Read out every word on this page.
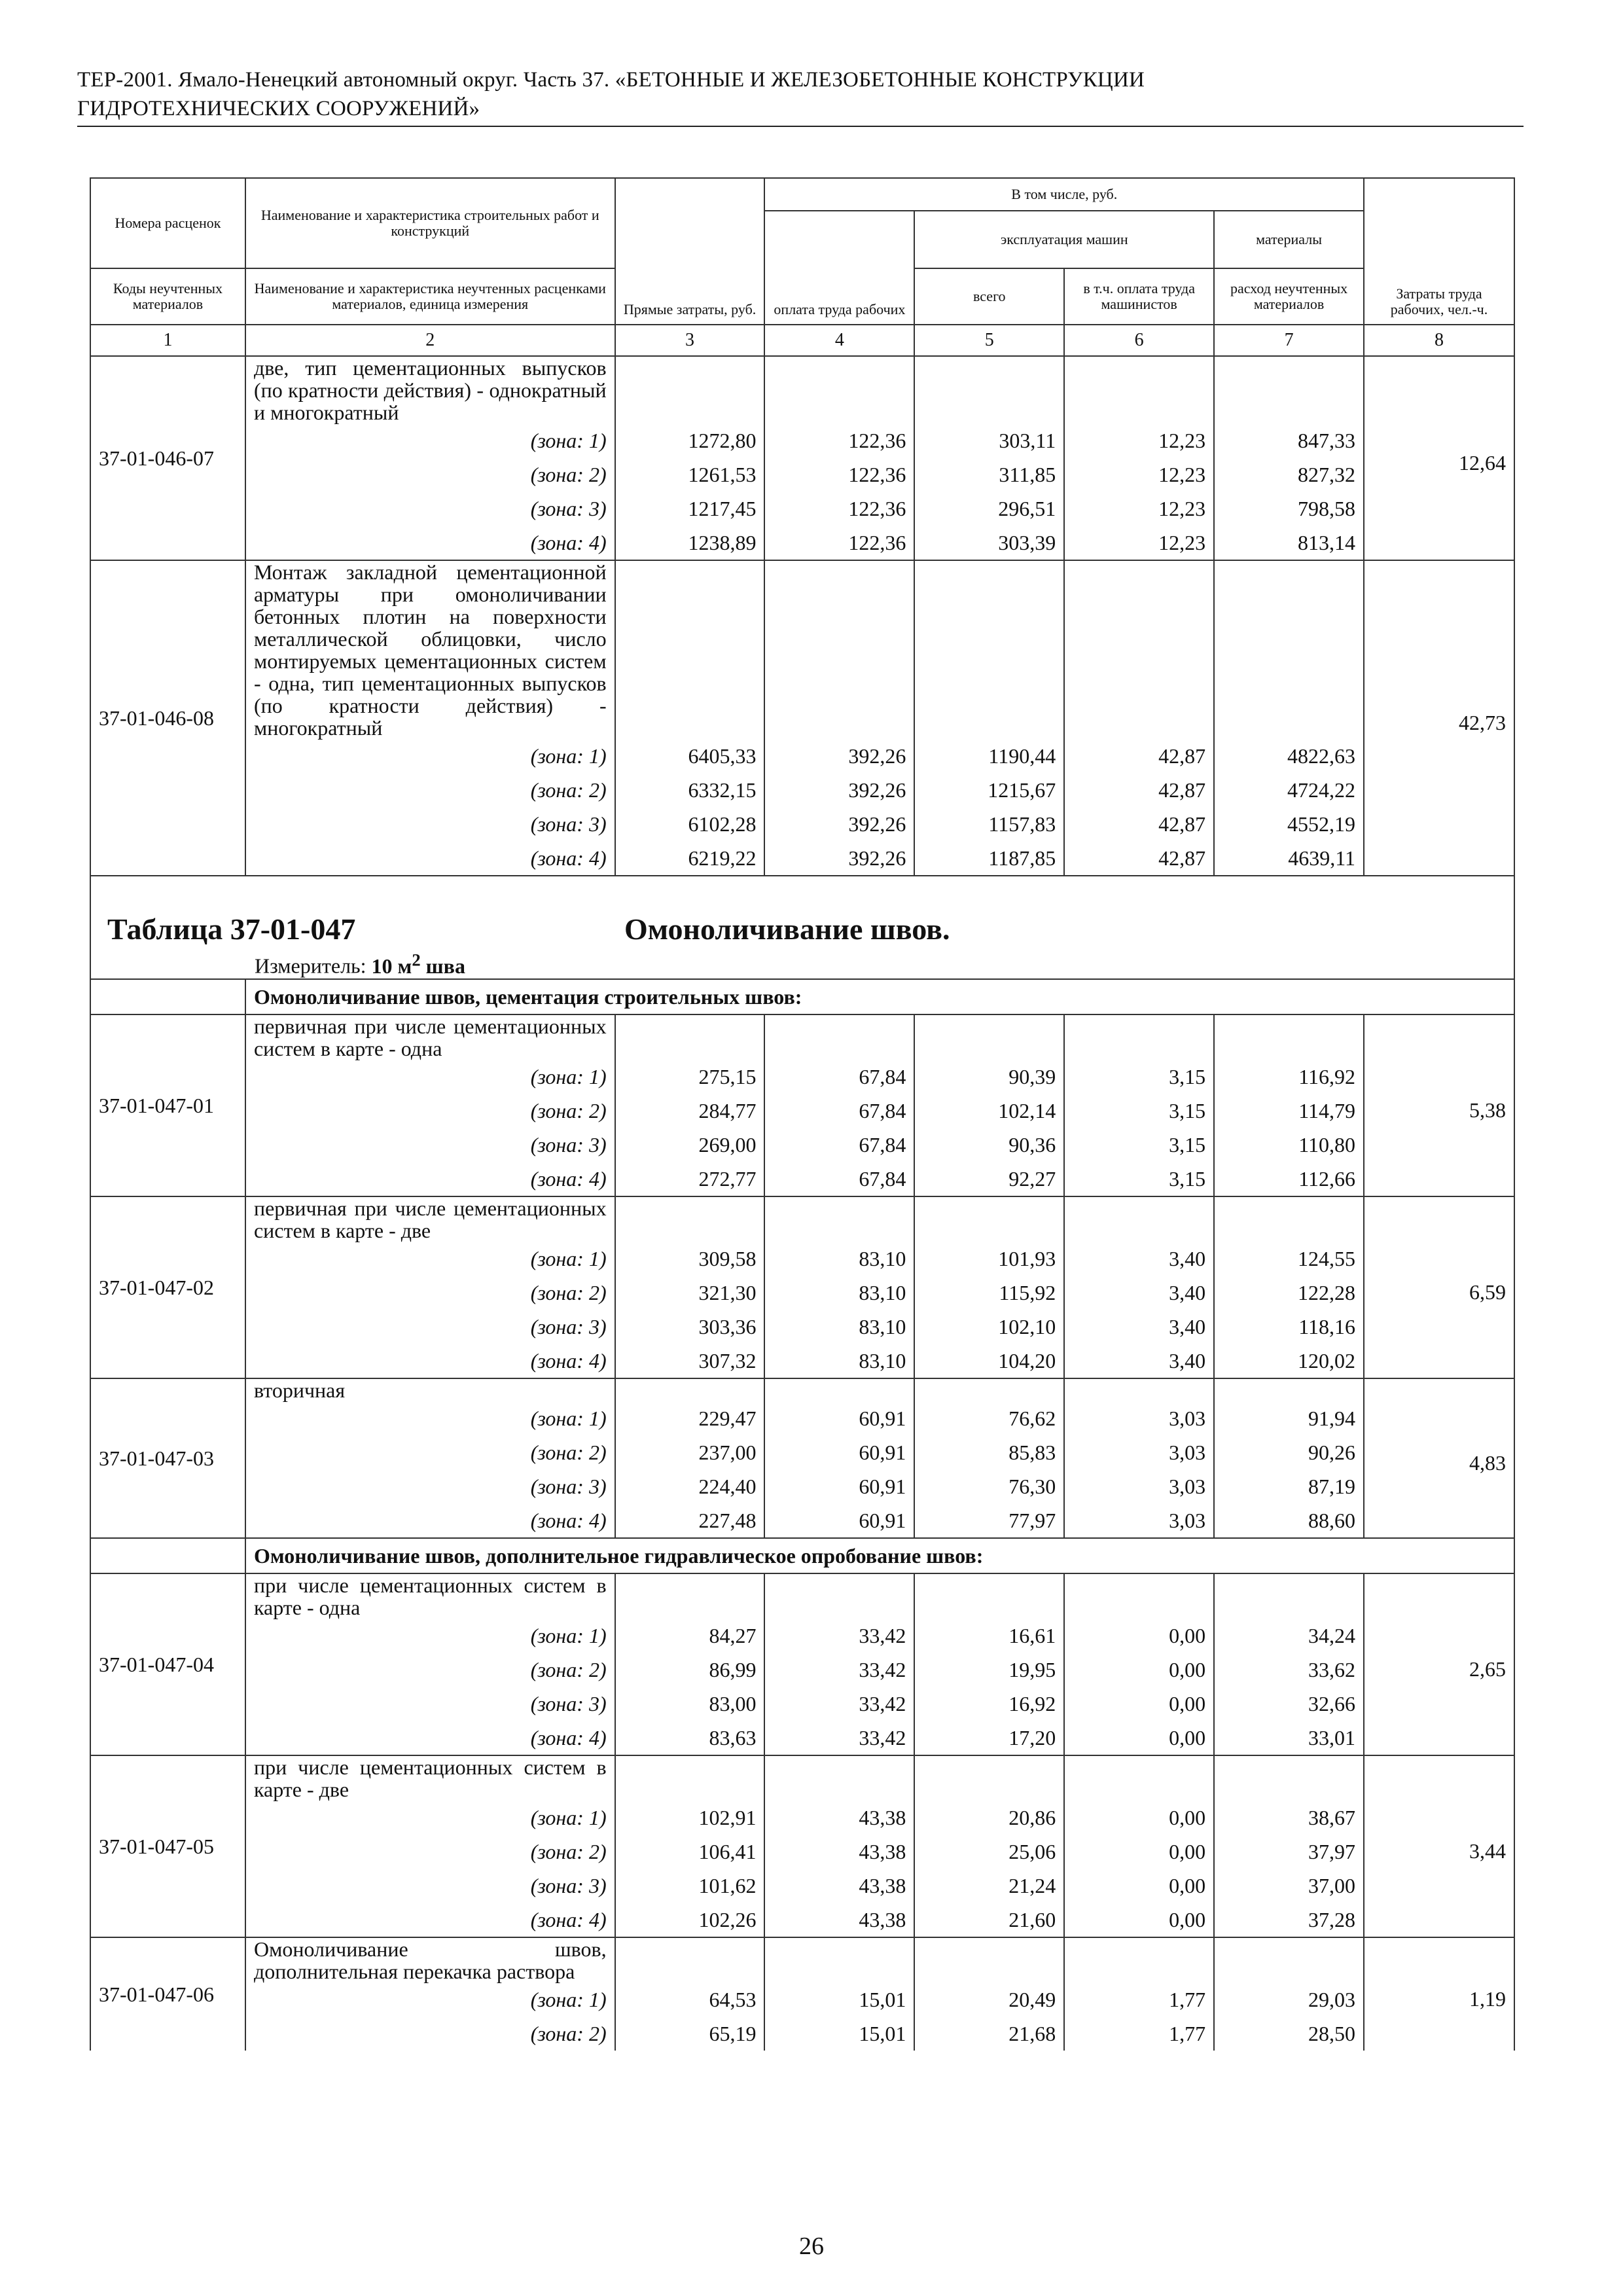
ТЕР-2001. Ямало-Ненецкий автономный округ. Часть 37. «БЕТОННЫЕ И ЖЕЛЕЗОБЕТОННЫЕ КОНСТРУКЦИИ
ГИДРОТЕХНИЧЕСКИХ СООРУЖЕНИЙ»
Номера расценок	Наименование и характеристика строительных работ и конструкций	Прямые затраты, руб.	В том числе, руб.				Затраты труда рабочих, чел.-ч.
			оплата труда рабочих	эксплуатация машин		материалы	
Коды неучтенных материалов	Наименование и характеристика неучтенных расценками материалов, единица измерения			всего	в т.ч. оплата труда машинистов	расход неучтенных материалов	
1	2	3	4	5	6	7	8
37-01-046-07	две, тип цементационных выпусков (по кратности действия) - однократный и многократный						12,64
	(зона: 1)	1272,80	122,36	303,11	12,23	847,33	
	(зона: 2)	1261,53	122,36	311,85	12,23	827,32	
	(зона: 3)	1217,45	122,36	296,51	12,23	798,58	
	(зона: 4)	1238,89	122,36	303,39	12,23	813,14	
37-01-046-08	Монтаж закладной цементационной арматуры при омоноличивании бетонных плотин на поверхности металлической облицовки, число монтируемых цементационных систем - одна, тип цементационных выпусков (по кратности действия) - многократный						42,73
	(зона: 1)	6405,33	392,26	1190,44	42,87	4822,63	
	(зона: 2)	6332,15	392,26	1215,67	42,87	4724,22	
	(зона: 3)	6102,28	392,26	1157,83	42,87	4552,19	
	(зона: 4)	6219,22	392,26	1187,85	42,87	4639,11	

Таблица 37-01-047 Омоноличивание швов.
Измеритель: 10 $м^2$ шва							

	Омоноличивание швов, цементация строительных швов:						
37-01-047-01	первичная при числе цементационных систем в карте - одна						5,38
	(зона: 1)	275,15	67,84	90,39	3,15	116,92	
	(зона: 2)	284,77	67,84	102,14	3,15	114,79	
	(зона: 3)	269,00	67,84	90,36	3,15	110,80	
	(зона: 4)	272,77	67,84	92,27	3,15	112,66	
37-01-047-02	первичная при числе цементационных систем в карте - две						6,59
	(зона: 1)	309,58	83,10	101,93	3,40	124,55	
	(зона: 2)	321,30	83,10	115,92	3,40	122,28	
	(зона: 3)	303,36	83,10	102,10	3,40	118,16	
	(зона: 4)	307,32	83,10	104,20	3,40	120,02	
37-01-047-03	вторичная						4,83
	(зона: 1)	229,47	60,91	76,62	3,03	91,94	
	(зона: 2)	237,00	60,91	85,83	3,03	90,26	
	(зона: 3)	224,40	60,91	76,30	3,03	87,19	
	(зона: 4)	227,48	60,91	77,97	3,03	88,60	
	Омоноличивание швов, дополнительное гидравлическое опробование швов:						
37-01-047-04	при числе цементационных систем в карте - одна						2,65
	(зона: 1)	84,27	33,42	16,61	0,00	34,24	
	(зона: 2)	86,99	33,42	19,95	0,00	33,62	
	(зона: 3)	83,00	33,42	16,92	0,00	32,66	
	(зона: 4)	83,63	33,42	17,20	0,00	33,01	
37-01-047-05	при числе цементационных систем в карте - две						3,44
	(зона: 1)	102,91	43,38	20,86	0,00	38,67	
	(зона: 2)	106,41	43,38	25,06	0,00	37,97	
	(зона: 3)	101,62	43,38	21,24	0,00	37,00	
	(зона: 4)	102,26	43,38	21,60	0,00	37,28	
37-01-047-06	Омоноличивание швов, дополнительная перекачка раствора						1,19
	(зона: 1)	64,53	15,01	20,49	1,77	29,03	
	(зона: 2)	65,19	15,01	21,68	1,77	28,50	
26
